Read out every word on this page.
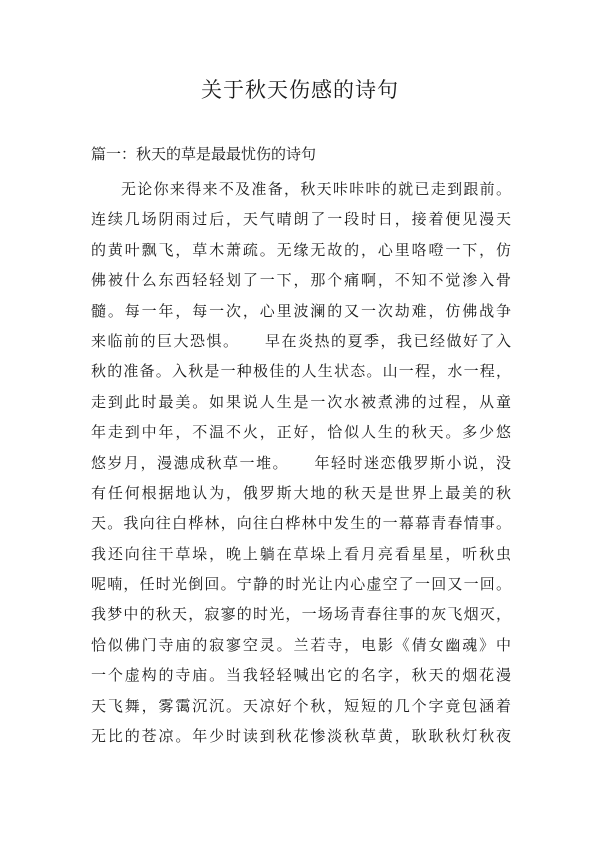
关于秋天伤感的诗句
篇一：秋天的草是最最忧伤的诗句
无论你来得来不及准备，秋天咔咔咔的就已走到跟前。
连续几场阴雨过后，天气晴朗了一段时日，接着便见漫天
的黄叶飘飞，草木萧疏。无缘无故的，心里咯噔一下，仿
佛被什么东西轻轻划了一下，那个痛啊，不知不觉渗入骨
髓。每一年，每一次，心里波澜的又一次劫难，仿佛战争
来临前的巨大恐惧。　　早在炎热的夏季，我已经做好了入
秋的准备。入秋是一种极佳的人生状态。山一程，水一程，
走到此时最美。如果说人生是一次水被煮沸的过程，从童
年走到中年，不温不火，正好，恰似人生的秋天。多少悠
悠岁月，漫漶成秋草一堆。　　年轻时迷恋俄罗斯小说，没
有任何根据地认为，俄罗斯大地的秋天是世界上最美的秋
天。我向往白桦林，向往白桦林中发生的一幕幕青春情事。
我还向往干草垛，晚上躺在草垛上看月亮看星星，听秋虫
呢喃，任时光倒回。宁静的时光让内心虚空了一回又一回。
我梦中的秋天，寂寥的时光，一场场青春往事的灰飞烟灭，
恰似佛门寺庙的寂寥空灵。兰若寺，电影《倩女幽魂》中
一个虚构的寺庙。当我轻轻喊出它的名字，秋天的烟花漫
天飞舞，雾霭沉沉。天凉好个秋，短短的几个字竟包涵着
无比的苍凉。年少时读到秋花惨淡秋草黄，耿耿秋灯秋夜
